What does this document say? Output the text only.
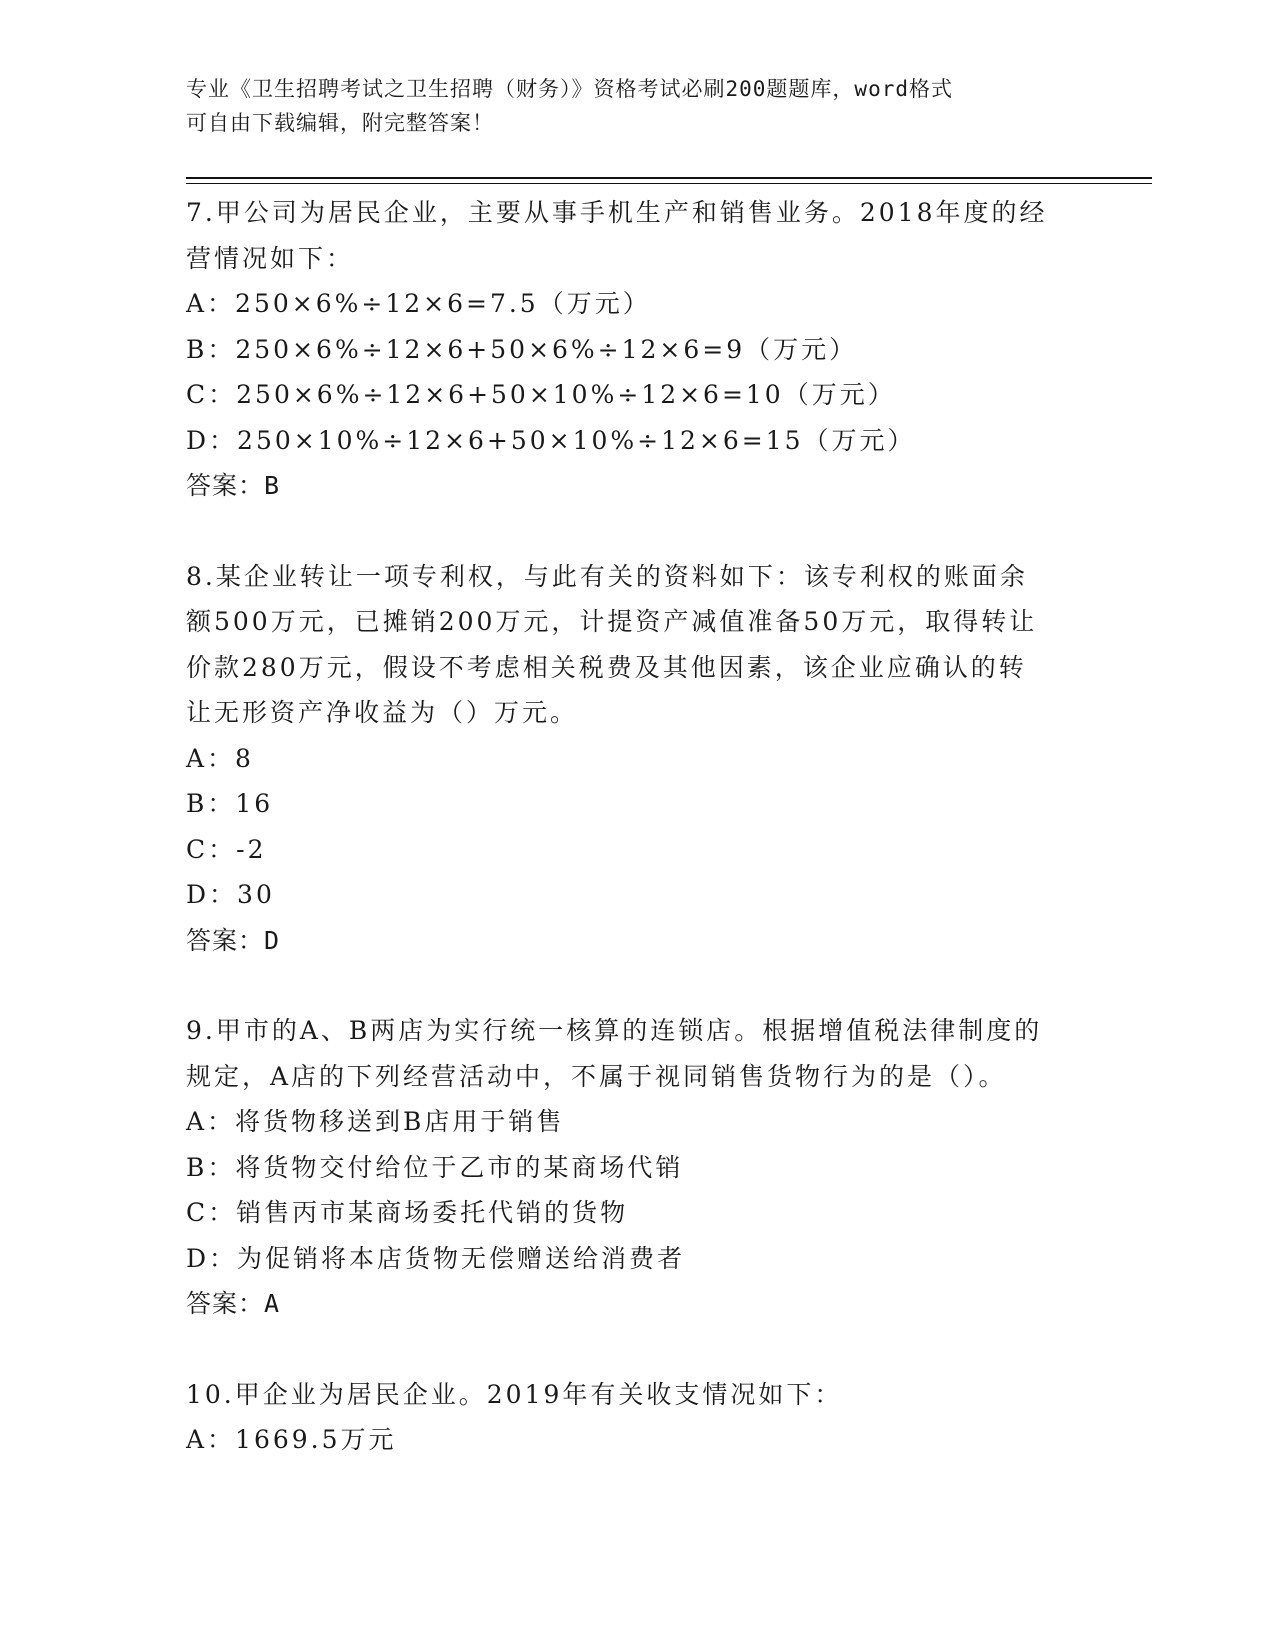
专业《卫生招聘考试之卫生招聘（财务）》资格考试必刷200题题库，word格式
可自由下载编辑，附完整答案！
7.甲公司为居民企业，主要从事手机生产和销售业务。2018年度的经
营情况如下：
A：250×6%÷12×6=7.5（万元）
B：250×6%÷12×6+50×6%÷12×6=9（万元）
C：250×6%÷12×6+50×10%÷12×6=10（万元）
D：250×10%÷12×6+50×10%÷12×6=15（万元）
答案：B
8.某企业转让一项专利权，与此有关的资料如下：该专利权的账面余
额500万元，已摊销200万元，计提资产减值准备50万元，取得转让
价款280万元，假设不考虑相关税费及其他因素，该企业应确认的转
让无形资产净收益为（）万元。
A：8
B：16
C：-2
D：30
答案：D
9.甲市的A、B两店为实行统一核算的连锁店。根据增值税法律制度的
规定，A店的下列经营活动中，不属于视同销售货物行为的是（）。
A：将货物移送到B店用于销售
B：将货物交付给位于乙市的某商场代销
C：销售丙市某商场委托代销的货物
D：为促销将本店货物无偿赠送给消费者
答案：A
10.甲企业为居民企业。2019年有关收支情况如下：
A：1669.5万元
